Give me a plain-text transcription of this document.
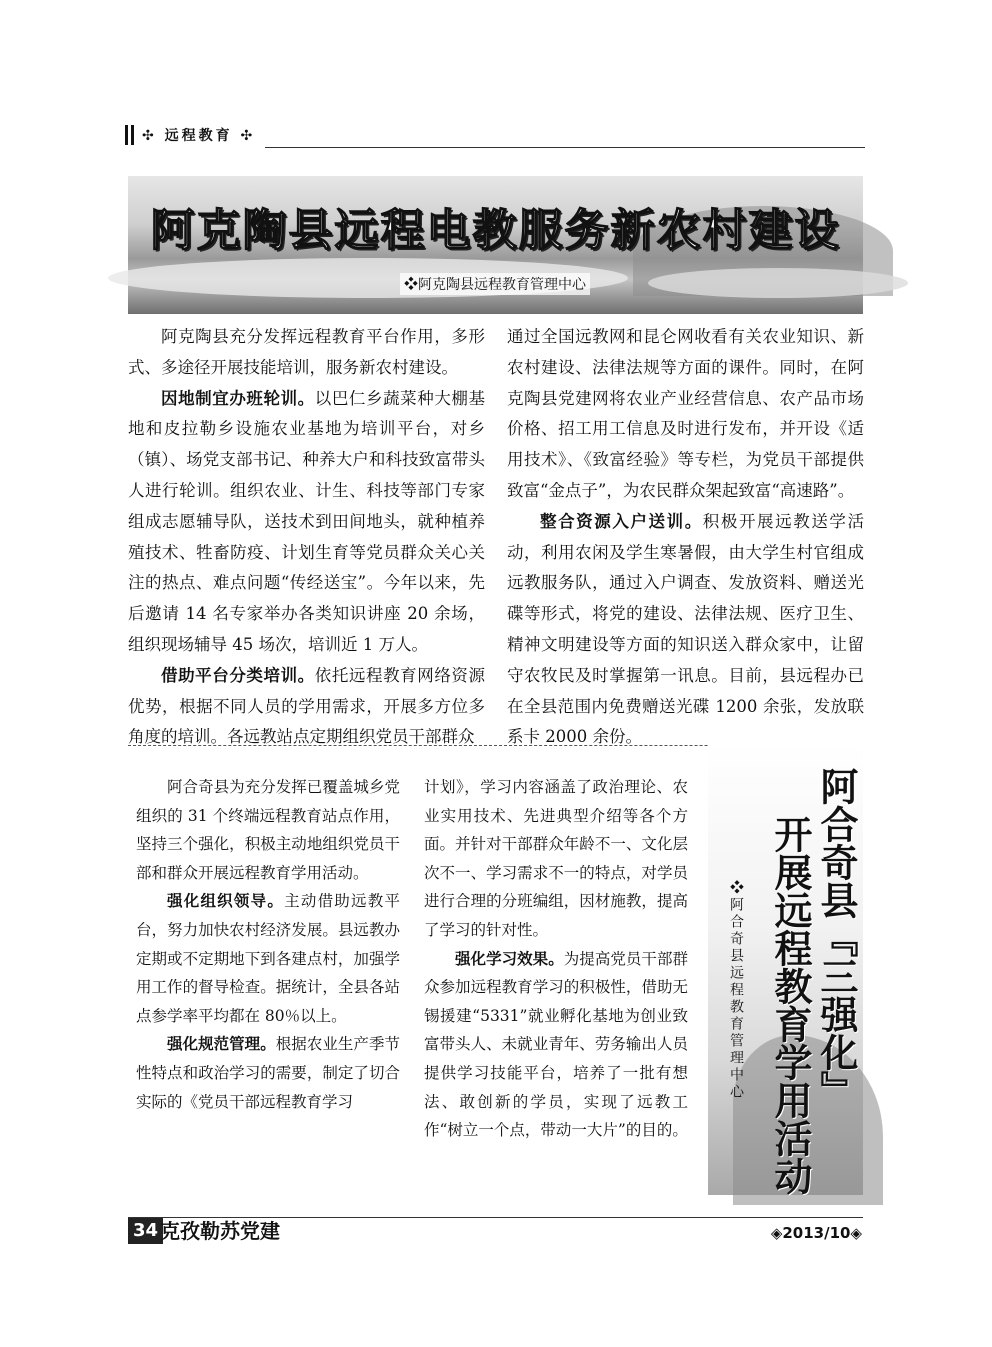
✣ 远程教育 ✣
阿克陶县远程电教服务新农村建设
❖阿克陶县远程教育管理中心

阿克陶县充分发挥远程教育平台作用，多形式、多途径开展技能培训，服务新农村建设。

因地制宜办班轮训。以巴仁乡蔬菜种大棚基地和皮拉勒乡设施农业基地为培训平台，对乡（镇）、场党支部书记、种养大户和科技致富带头人进行轮训。组织农业、计生、科技等部门专家组成志愿辅导队，送技术到田间地头，就种植养殖技术、牲畜防疫、计划生育等党员群众关心关注的热点、难点问题“传经送宝”。今年以来，先后邀请 14 名专家举办各类知识讲座 20 余场，组织现场辅导 45 场次，培训近 1 万人。

借助平台分类培训。依托远程教育网络资源优势，根据不同人员的学用需求，开展多方位多角度的培训。各远教站点定期组织党员干部群众

通过全国远教网和昆仑网收看有关农业知识、新农村建设、法律法规等方面的课件。同时，在阿克陶县党建网将农业产业经营信息、农产品市场价格、招工用工信息及时进行发布，并开设《适用技术》、《致富经验》等专栏，为党员干部提供致富“金点子”，为农民群众架起致富“高速路”。

整合资源入户送训。积极开展远教送学活动，利用农闲及学生寒暑假，由大学生村官组成远教服务队，通过入户调查、发放资料、赠送光碟等形式，将党的建设、法律法规、医疗卫生、精神文明建设等方面的知识送入群众家中，让留守农牧民及时掌握第一讯息。目前，县远程办已在全县范围内免费赠送光碟 1200 余张，发放联系卡 2000 余份。

阿合奇县为充分发挥已覆盖城乡党组织的 31 个终端远程教育站点作用，坚持三个强化，积极主动地组织党员干部和群众开展远程教育学用活动。

强化组织领导。主动借助远教平台，努力加快农村经济发展。县远教办定期或不定期地下到各建点村，加强学用工作的督导检查。据统计，全县各站点参学率平均都在 80％以上。

强化规范管理。根据农业生产季节性特点和政治学习的需要，制定了切合实际的《党员干部远程教育学习

计划》，学习内容涵盖了政治理论、农业实用技术、先进典型介绍等各个方面。并针对干部群众年龄不一、文化层次不一、学习需求不一的特点，对学员进行合理的分班编组，因材施教，提高了学习的针对性。

强化学习效果。为提高党员干部群众参加远程教育学习的积极性，借助无锡援建“5331”就业孵化基地为创业致富带头人、未就业青年、劳务输出人员提供学习技能平台，培养了一批有想法、敢创新的学员，实现了远教工作“树立一个点，带动一大片”的目的。

阿合奇县『三强化』
开展远程教育学用活动
❖阿合奇县远程教育管理中心
34 克孜勒苏党建	◈2013/10◈
